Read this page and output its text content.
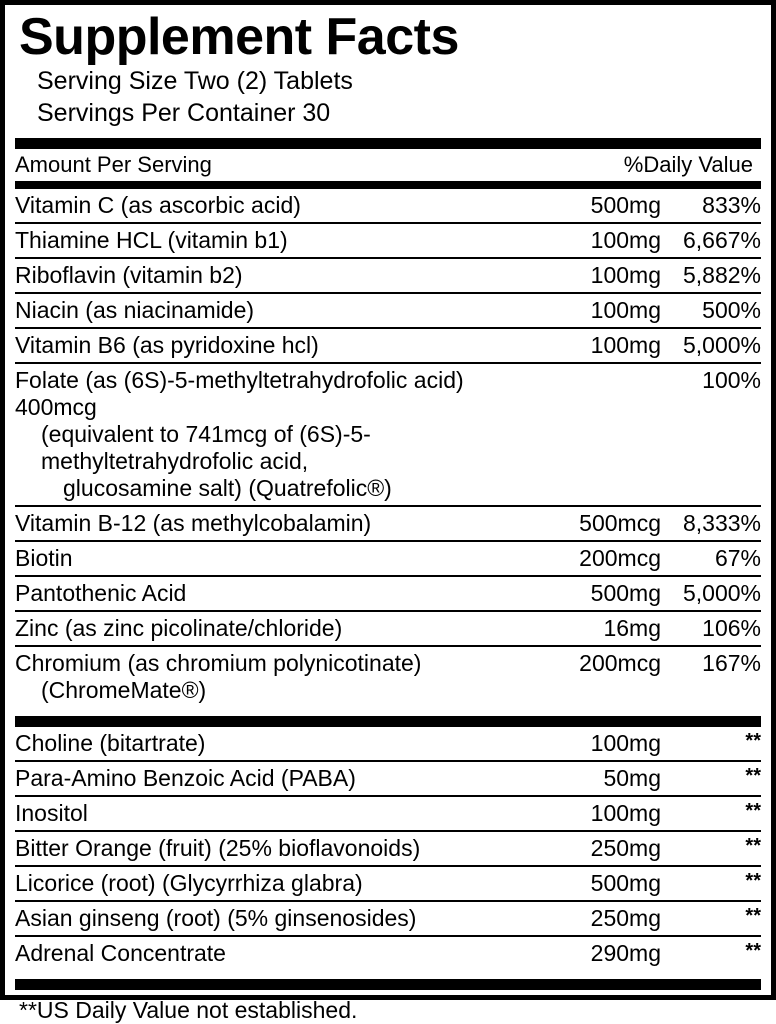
Supplement Facts
Serving Size Two (2) Tablets
Servings Per Container 30
Amount Per Serving	%Daily Value
Vitamin C (as ascorbic acid)	500mg	833%
Thiamine HCL (vitamin b1)	100mg	6,667%
Riboflavin (vitamin b2)	100mg	5,882%
Niacin (as niacinamide)	100mg	500%
Vitamin B6 (as pyridoxine hcl)	100mg	5,000%
Folate (as (6S)-5-methyltetrahydrofolic acid) 400mcg
(equivalent to 741mcg of (6S)-5-methyltetrahydrofolic acid,
glucosamine salt) (Quatrefolic®)		100%
Vitamin B-12 (as methylcobalamin)	500mcg	8,333%
Biotin	200mcg	67%
Pantothenic Acid	500mg	5,000%
Zinc (as zinc picolinate/chloride)	16mg	106%
Chromium (as chromium polynicotinate)
(ChromeMate®)	200mcg	167%
Choline (bitartrate)	100mg	**
Para-Amino Benzoic Acid (PABA)	50mg	**
Inositol	100mg	**
Bitter Orange (fruit) (25% bioflavonoids)	250mg	**
Licorice (root) (Glycyrrhiza glabra)	500mg	**
Asian ginseng (root) (5% ginsenosides)	250mg	**
Adrenal Concentrate	290mg	**
**US Daily Value not established.
